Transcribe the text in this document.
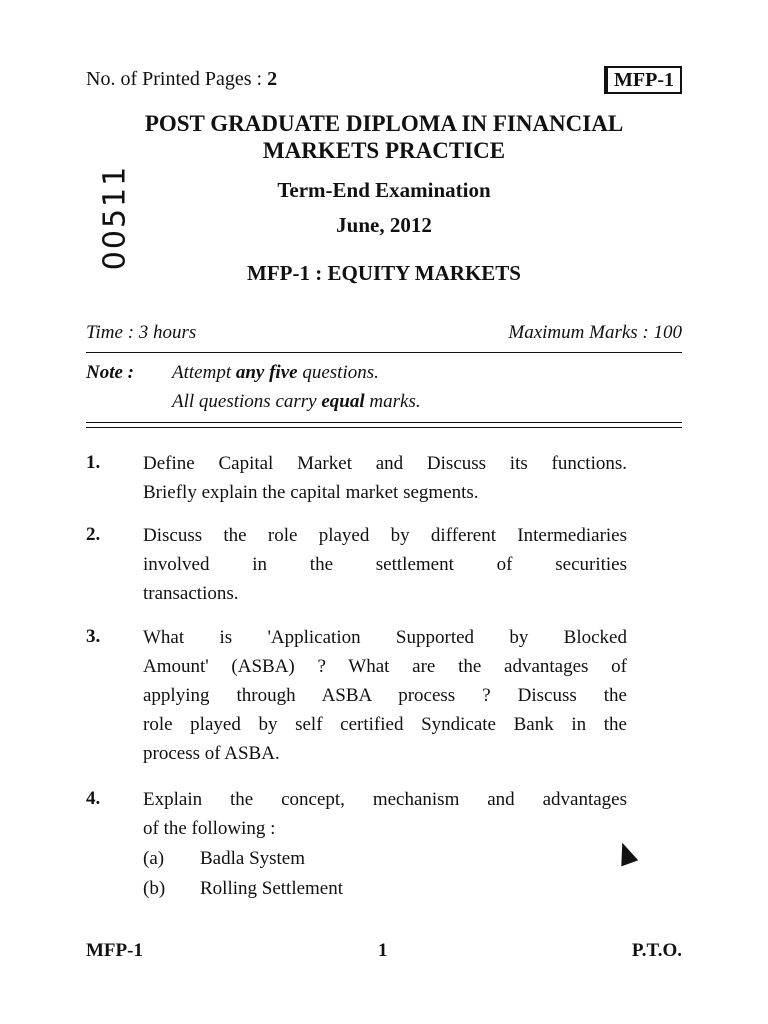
No. of Printed Pages : 2	MFP-1
00511
POST GRADUATE DIPLOMA IN FINANCIAL
MARKETS PRACTICE
Term-End Examination
June, 2012
MFP-1 : EQUITY MARKETS
Time : 3 hours	Maximum Marks : 100
Note : Attempt any five questions.
All questions carry equal marks.
1. Define Capital Market and Discuss its functions.
Briefly explain the capital market segments.
2. Discuss the role played by different Intermediaries
involved in the settlement of securities
transactions.
3. What is 'Application Supported by Blocked
Amount' (ASBA) ? What are the advantages of
applying through ASBA process ? Discuss the
role played by self certified Syndicate Bank in the
process of ASBA.
4. Explain the concept, mechanism and advantages
of the following :
(a) Badla System
(b) Rolling Settlement
MFP-1	1	P.T.O.
